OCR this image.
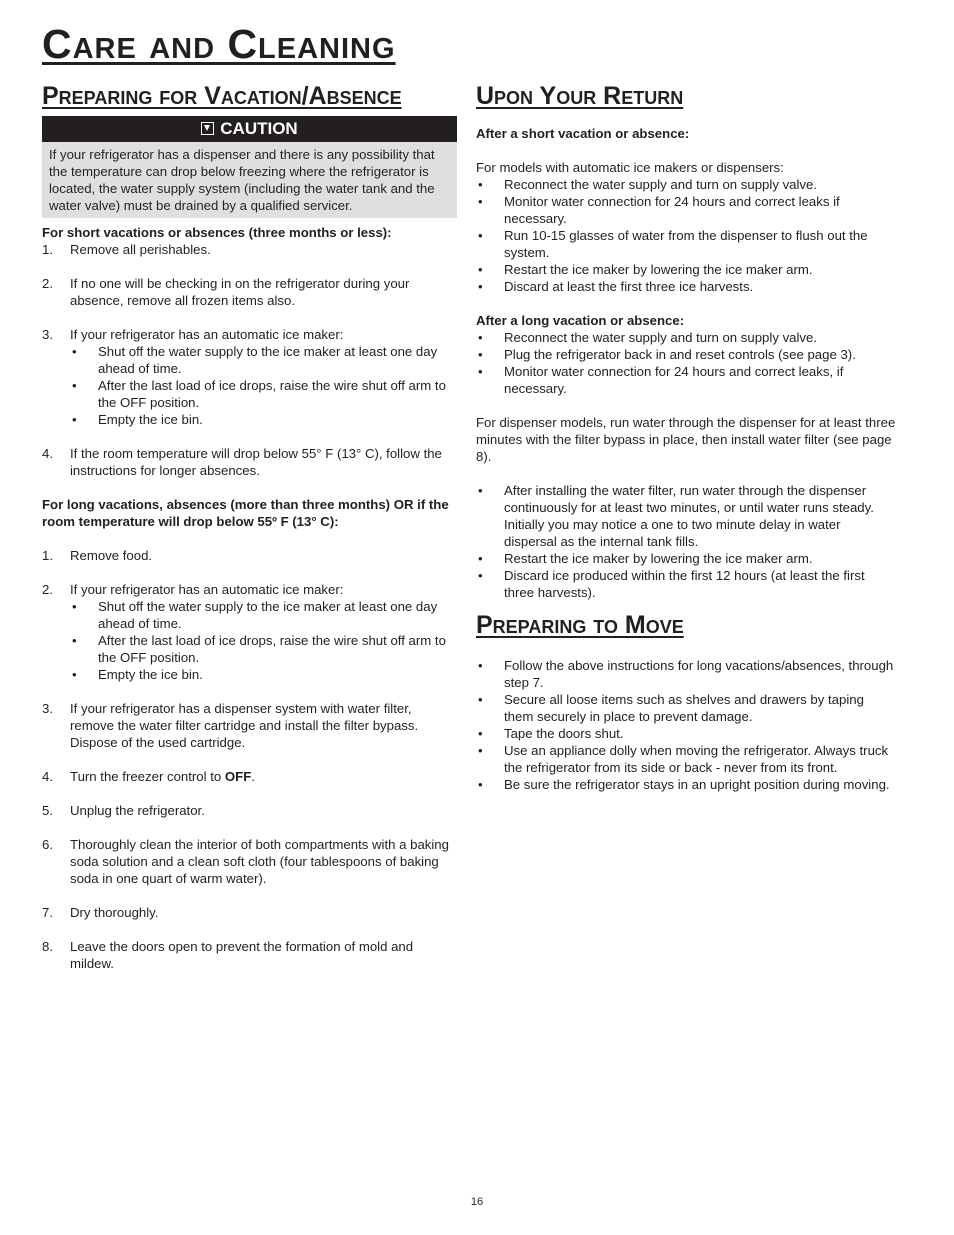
Care and Cleaning
Preparing for Vacation/Absence
CAUTION
If your refrigerator has a dispenser and there is any possibility that the temperature can drop below freezing where the refrigerator is located, the water supply system (including the water tank and the water valve) must be drained by a qualified servicer.
For short vacations or absences (three months or less):
1. Remove all perishables.
2. If no one will be checking in on the refrigerator during your absence, remove all frozen items also.
3. If your refrigerator has an automatic ice maker:
• Shut off the water supply to the ice maker at least one day ahead of time.
• After the last load of ice drops, raise the wire shut off arm to the OFF position.
• Empty the ice bin.
4. If the room temperature will drop below 55° F (13° C), follow the instructions for longer absences.
For long vacations, absences (more than three months) OR if the room temperature will drop below 55º F (13° C):
1. Remove food.
2. If your refrigerator has an automatic ice maker:
• Shut off the water supply to the ice maker at least one day ahead of time.
• After the last load of ice drops, raise the wire shut off arm to the OFF position.
• Empty the ice bin.
3. If your refrigerator has a dispenser system with water filter, remove the water filter cartridge and install the filter bypass. Dispose of the used cartridge.
4. Turn the freezer control to OFF.
5. Unplug the refrigerator.
6. Thoroughly clean the interior of both compartments with a baking soda solution and a clean soft cloth (four tablespoons of baking soda in one quart of warm water).
7. Dry thoroughly.
8. Leave the doors open to prevent the formation of mold and mildew.
Upon Your Return
After a short vacation or absence:
For models with automatic ice makers or dispensers:
• Reconnect the water supply and turn on supply valve.
• Monitor water connection for 24 hours and correct leaks if necessary.
• Run 10-15 glasses of water from the dispenser to flush out the system.
• Restart the ice maker by lowering the ice maker arm.
• Discard at least the first three ice harvests.
After a long vacation or absence:
• Reconnect the water supply and turn on supply valve.
• Plug the refrigerator back in and reset controls (see page 3).
• Monitor water connection for 24 hours and correct leaks, if necessary.
For dispenser models, run water through the dispenser for at least three minutes with the filter bypass in place, then install water filter (see page 8).
• After installing the water filter, run water through the dispenser continuously for at least two minutes, or until water runs steady. Initially you may notice a one to two minute delay in water dispersal as the internal tank fills.
• Restart the ice maker by lowering the ice maker arm.
• Discard ice produced within the first 12 hours (at least the first three harvests).
Preparing to Move
• Follow the above instructions for long vacations/absences, through step 7.
• Secure all loose items such as shelves and drawers by taping them securely in place to prevent damage.
• Tape the doors shut.
• Use an appliance dolly when moving the refrigerator. Always truck the refrigerator from its side or back - never from its front.
• Be sure the refrigerator stays in an upright position during moving.
16
